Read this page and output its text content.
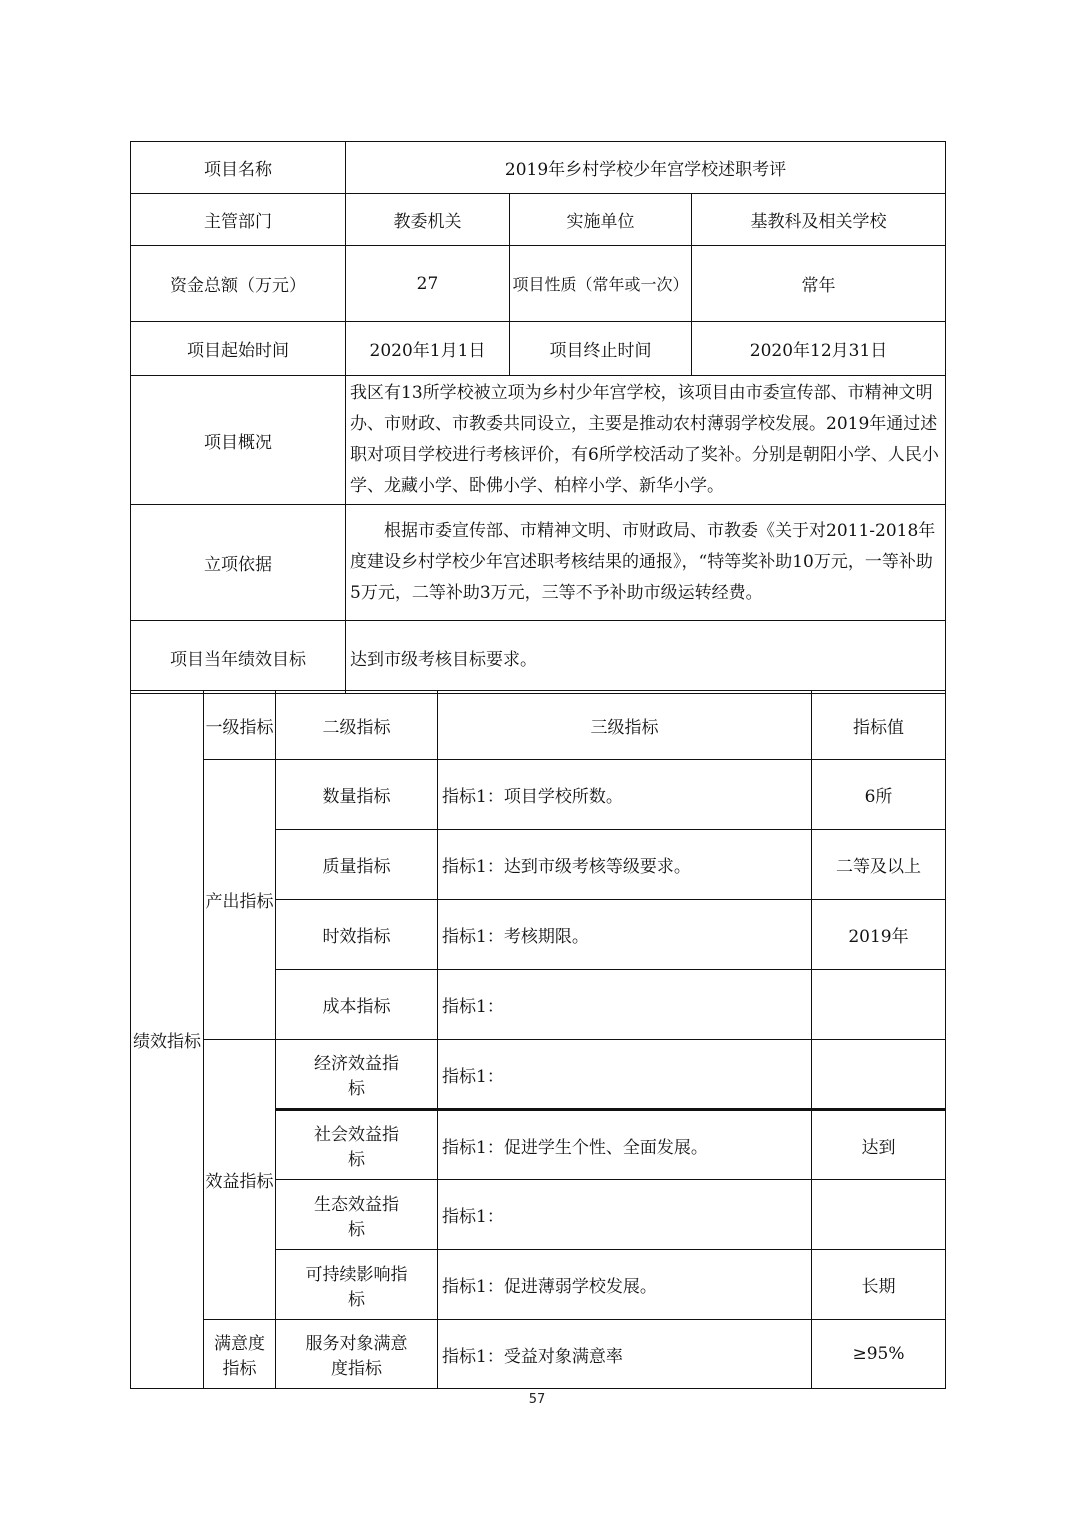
项目名称	2019年乡村学校少年宫学校述职考评		
主管部门	教委机关	实施单位	基教科及相关学校
资金总额（万元）	27	项目性质（常年或一次）	常年
项目起始时间	2020年1月1日	项目终止时间	2020年12月31日
项目概况	我区有13所学校被立项为乡村少年宫学校，该项目由市委宣传部、市精神文明办、市财政、市教委共同设立，主要是推动农村薄弱学校发展。2019年通过述职对项目学校进行考核评价，有6所学校活动了奖补。分别是朝阳小学、人民小学、龙藏小学、卧佛小学、柏梓小学、新华小学。		
立项依据	根据市委宣传部、市精神文明、市财政局、市教委《关于对2011-2018年度建设乡村学校少年宫述职考核结果的通报》，“特等奖补助10万元，一等补助5万元，二等补助3万元，三等不予补助市级运转经费。		
项目当年绩效目标	达到市级考核目标要求。		
绩效指标	一级指标	二级指标	三级指标	指标值
	产出指标	数量指标	指标1：项目学校所数。	6所
		质量指标	指标1：达到市级考核等级要求。	二等及以上
		时效指标	指标1：考核期限。	2019年
		成本指标	指标1：	
	效益指标	经济效益指标	指标1：	
		社会效益指标	指标1：促进学生个性、全面发展。	达到
		生态效益指标	指标1：	
		可持续影响指标	指标1：促进薄弱学校发展。	长期
	满意度指标	服务对象满意度指标	指标1：受益对象满意率	≥95%
57
